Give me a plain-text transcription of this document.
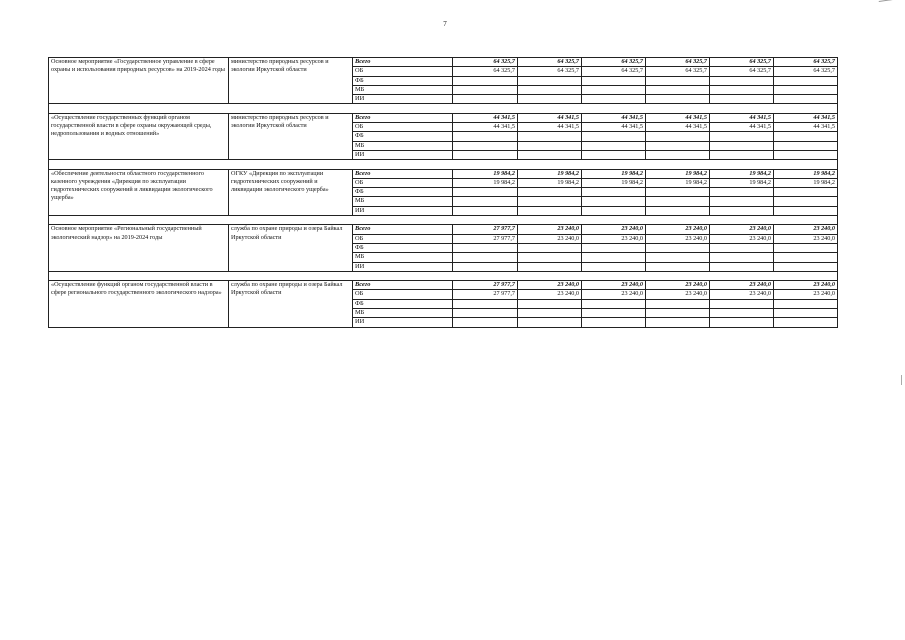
7
Основное мероприятие «Государственное управление в сфере охраны и использования природных ресурсов» на 2019-2024 годы	министерство природных ресурсов и экологии Иркутской области	Всего	64 325,7	64 325,7	64 325,7	64 325,7	64 325,7	64 325,7
		ОБ	64 325,7	64 325,7	64 325,7	64 325,7	64 325,7	64 325,7
		ФБ						
		МБ						
		ИИ						

«Осуществление государственных функций органом государственной власти в сфере охраны окружающей среды, недропользования и водных отношений»	министерство природных ресурсов и экологии Иркутской области	Всего	44 341,5	44 341,5	44 341,5	44 341,5	44 341,5	44 341,5
		ОБ	44 341,5	44 341,5	44 341,5	44 341,5	44 341,5	44 341,5
		ФБ						
		МБ						
		ИИ						

«Обеспечение деятельности областного государственного казенного учреждения «Дирекция по эксплуатации гидротехнических сооружений и ликвидации экологического ущерба»	ОГКУ «Дирекция по эксплуатации гидротехнических сооружений и ликвидации экологического ущерба»	Всего	19 984,2	19 984,2	19 984,2	19 984,2	19 984,2	19 984,2
		ОБ	19 984,2	19 984,2	19 984,2	19 984,2	19 984,2	19 984,2
		ФБ						
		МБ						
		ИИ						

Основное мероприятие «Региональный государственный экологический надзор» на 2019-2024 годы	служба по охране природы и озера Байкал Иркутской области	Всего	27 977,7	23 240,0	23 240,0	23 240,0	23 240,0	23 240,0
		ОБ	27 977,7	23 240,0	23 240,0	23 240,0	23 240,0	23 240,0
		ФБ						
		МБ						
		ИИ						

«Осуществление функций органом государственной власти в сфере регионального государственного экологического надзора»	служба по охране природы и озера Байкал Иркутской области	Всего	27 977,7	23 240,0	23 240,0	23 240,0	23 240,0	23 240,0
		ОБ	27 977,7	23 240,0	23 240,0	23 240,0	23 240,0	23 240,0
		ФБ						
		МБ						
		ИИ						
